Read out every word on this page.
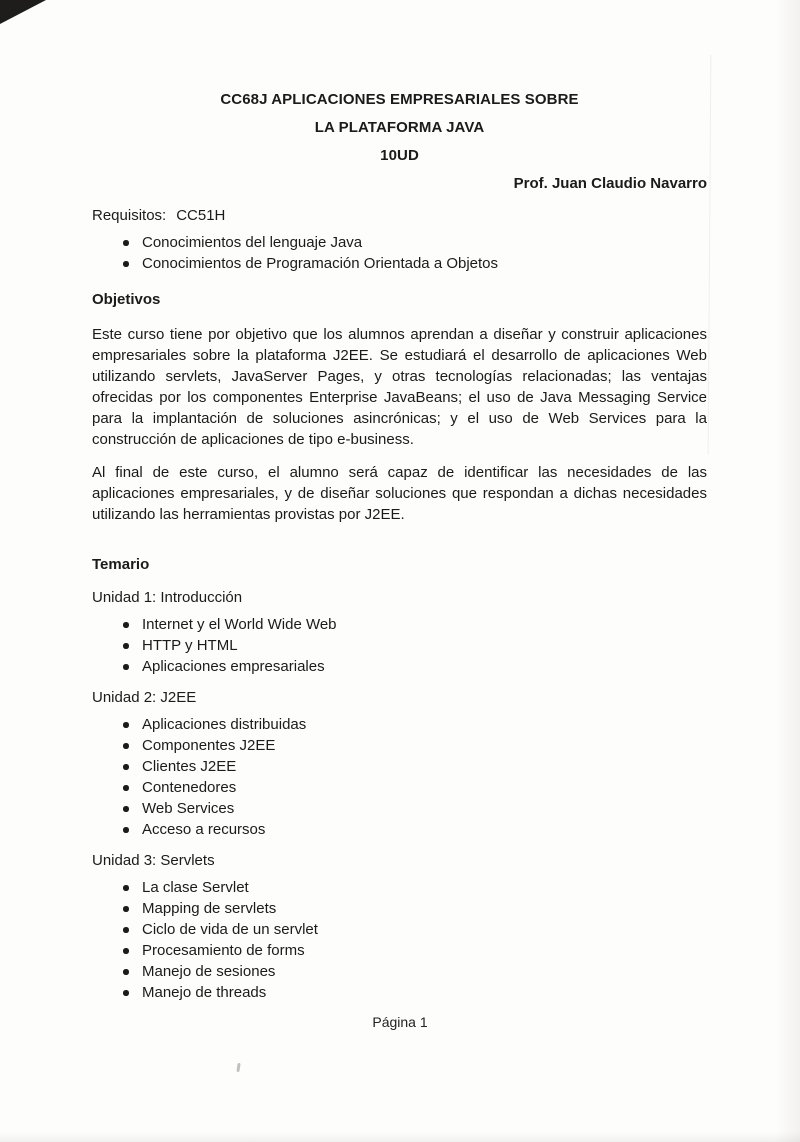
CC68J APLICACIONES EMPRESARIALES SOBRE
LA PLATAFORMA JAVA
10UD
Prof. Juan Claudio Navarro
Requisitos: CC51H
Conocimientos del lenguaje Java
Conocimientos de Programación Orientada a Objetos
Objetivos

Este curso tiene por objetivo que los alumnos aprendan a diseñar y construir aplicaciones empresariales sobre la plataforma J2EE. Se estudiará el desarrollo de aplicaciones Web utilizando servlets, JavaServer Pages, y otras tecnologías relacionadas; las ventajas ofrecidas por los componentes Enterprise JavaBeans; el uso de Java Messaging Service para la implantación de soluciones asincrónicas; y el uso de Web Services para la construcción de aplicaciones de tipo e-business.

Al final de este curso, el alumno será capaz de identificar las necesidades de las aplicaciones empresariales, y de diseñar soluciones que respondan a dichas necesidades utilizando las herramientas provistas por J2EE.

Temario
Unidad 1: Introducción
Internet y el World Wide Web
HTTP y HTML
Aplicaciones empresariales
Unidad 2: J2EE
Aplicaciones distribuidas
Componentes J2EE
Clientes J2EE
Contenedores
Web Services
Acceso a recursos
Unidad 3: Servlets
La clase Servlet
Mapping de servlets
Ciclo de vida de un servlet
Procesamiento de forms
Manejo de sesiones
Manejo de threads
Página 1
